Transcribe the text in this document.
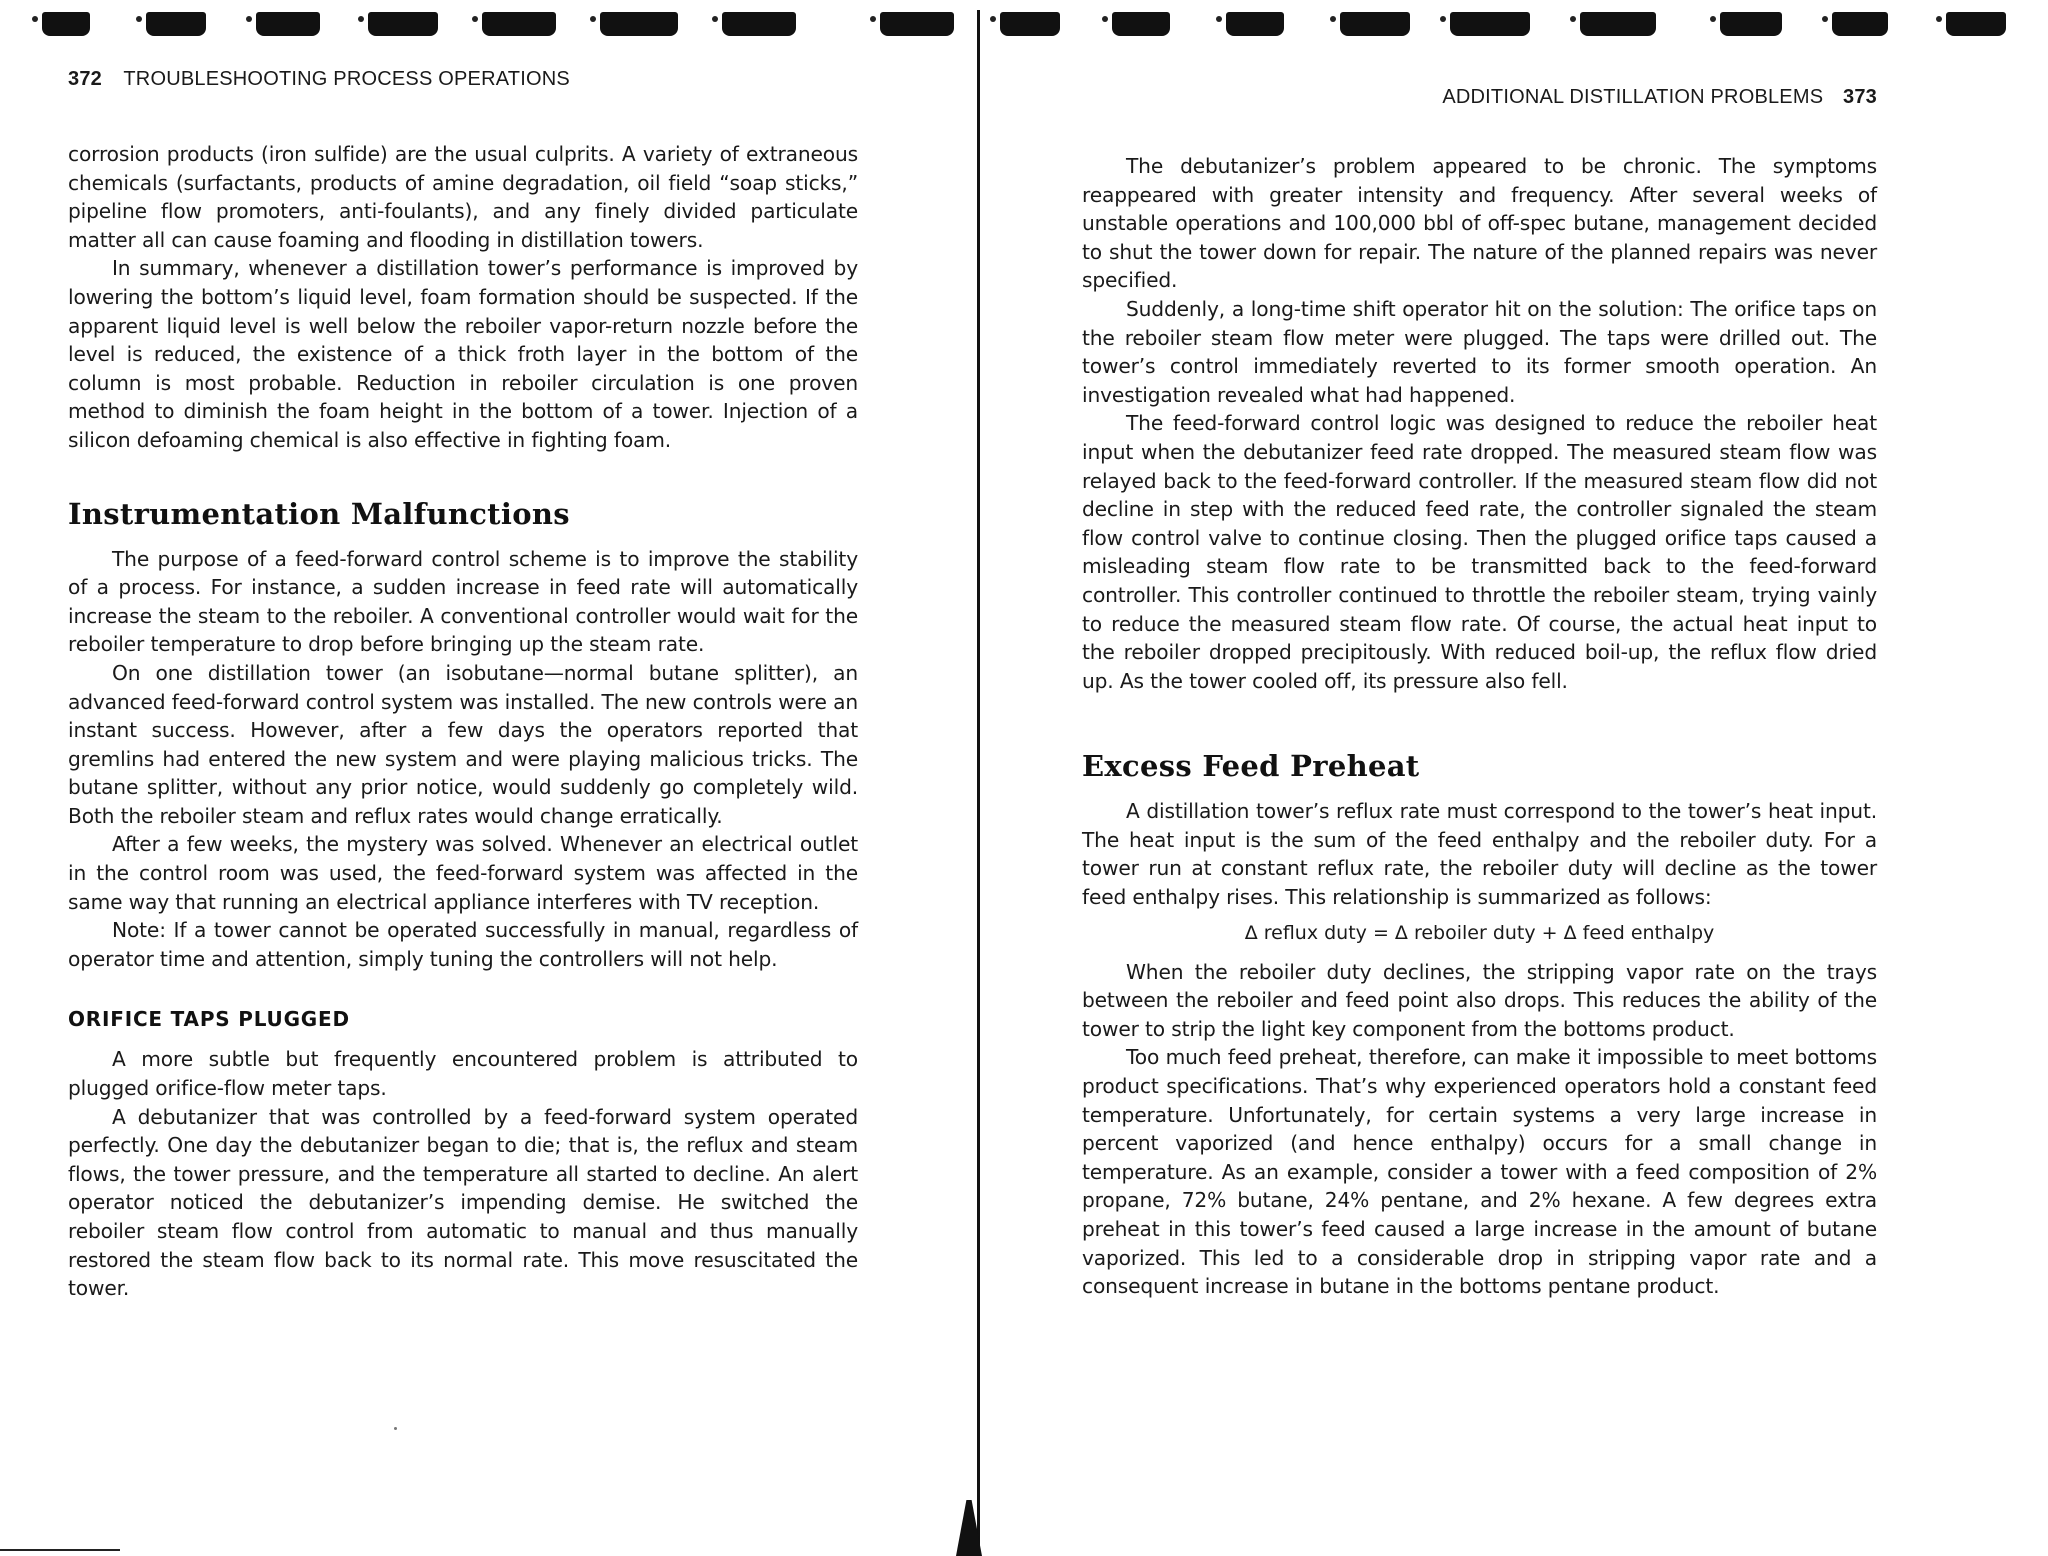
372 TROUBLESHOOTING PROCESS OPERATIONS

corrosion products (iron sulfide) are the usual culprits. A variety of extraneous chemicals (surfactants, products of amine degradation, oil field “soap sticks,” pipeline flow promoters, anti-foulants), and any finely divided particulate matter all can cause foaming and flooding in distillation towers.

In summary, whenever a distillation tower’s performance is improved by lowering the bottom’s liquid level, foam formation should be suspected. If the apparent liquid level is well below the reboiler vapor-return nozzle before the level is reduced, the existence of a thick froth layer in the bottom of the column is most probable. Reduction in reboiler circulation is one proven method to diminish the foam height in the bottom of a tower. Injection of a silicon defoaming chemical is also effective in fighting foam.

Instrumentation Malfunctions

The purpose of a feed-forward control scheme is to improve the stability of a process. For instance, a sudden increase in feed rate will automatically increase the steam to the reboiler. A conventional controller would wait for the reboiler temperature to drop before bringing up the steam rate.

On one distillation tower (an isobutane—normal butane splitter), an advanced feed-forward control system was installed. The new controls were an instant success. However, after a few days the operators reported that gremlins had entered the new system and were playing malicious tricks. The butane splitter, without any prior notice, would suddenly go completely wild. Both the reboiler steam and reflux rates would change erratically.

After a few weeks, the mystery was solved. Whenever an electrical outlet in the control room was used, the feed-forward system was affected in the same way that running an electrical appliance interferes with TV reception.

Note: If a tower cannot be operated successfully in manual, regardless of operator time and attention, simply tuning the controllers will not help.

ORIFICE TAPS PLUGGED

A more subtle but frequently encountered problem is attributed to plugged orifice-flow meter taps.

A debutanizer that was controlled by a feed-forward system operated perfectly. One day the debutanizer began to die; that is, the reflux and steam flows, the tower pressure, and the temperature all started to decline. An alert operator noticed the debutanizer’s impending demise. He switched the reboiler steam flow control from automatic to manual and thus manually restored the steam flow back to its normal rate. This move resuscitated the tower.

ADDITIONAL DISTILLATION PROBLEMS 373

The debutanizer’s problem appeared to be chronic. The symptoms reappeared with greater intensity and frequency. After several weeks of unstable operations and 100,000 bbl of off-spec butane, management decided to shut the tower down for repair. The nature of the planned repairs was never specified.

Suddenly, a long-time shift operator hit on the solution: The orifice taps on the reboiler steam flow meter were plugged. The taps were drilled out. The tower’s control immediately reverted to its former smooth operation. An investigation revealed what had happened.

The feed-forward control logic was designed to reduce the reboiler heat input when the debutanizer feed rate dropped. The measured steam flow was relayed back to the feed-forward controller. If the measured steam flow did not decline in step with the reduced feed rate, the controller signaled the steam flow control valve to continue closing. Then the plugged orifice taps caused a misleading steam flow rate to be transmitted back to the feed-forward controller. This controller continued to throttle the reboiler steam, trying vainly to reduce the measured steam flow rate. Of course, the actual heat input to the reboiler dropped precipitously. With reduced boil-up, the reflux flow dried up. As the tower cooled off, its pressure also fell.

Excess Feed Preheat

A distillation tower’s reflux rate must correspond to the tower’s heat input. The heat input is the sum of the feed enthalpy and the reboiler duty. For a tower run at constant reflux rate, the reboiler duty will decline as the tower feed enthalpy rises. This relationship is summarized as follows:

Δ reflux duty = Δ reboiler duty + Δ feed enthalpy

When the reboiler duty declines, the stripping vapor rate on the trays between the reboiler and feed point also drops. This reduces the ability of the tower to strip the light key component from the bottoms product.

Too much feed preheat, therefore, can make it impossible to meet bottoms product specifications. That’s why experienced operators hold a constant feed temperature. Unfortunately, for certain systems a very large increase in percent vaporized (and hence enthalpy) occurs for a small change in temperature. As an example, consider a tower with a feed composition of 2% propane, 72% butane, 24% pentane, and 2% hexane. A few degrees extra preheat in this tower’s feed caused a large increase in the amount of butane vaporized. This led to a considerable drop in stripping vapor rate and a consequent increase in butane in the bottoms pentane product.
